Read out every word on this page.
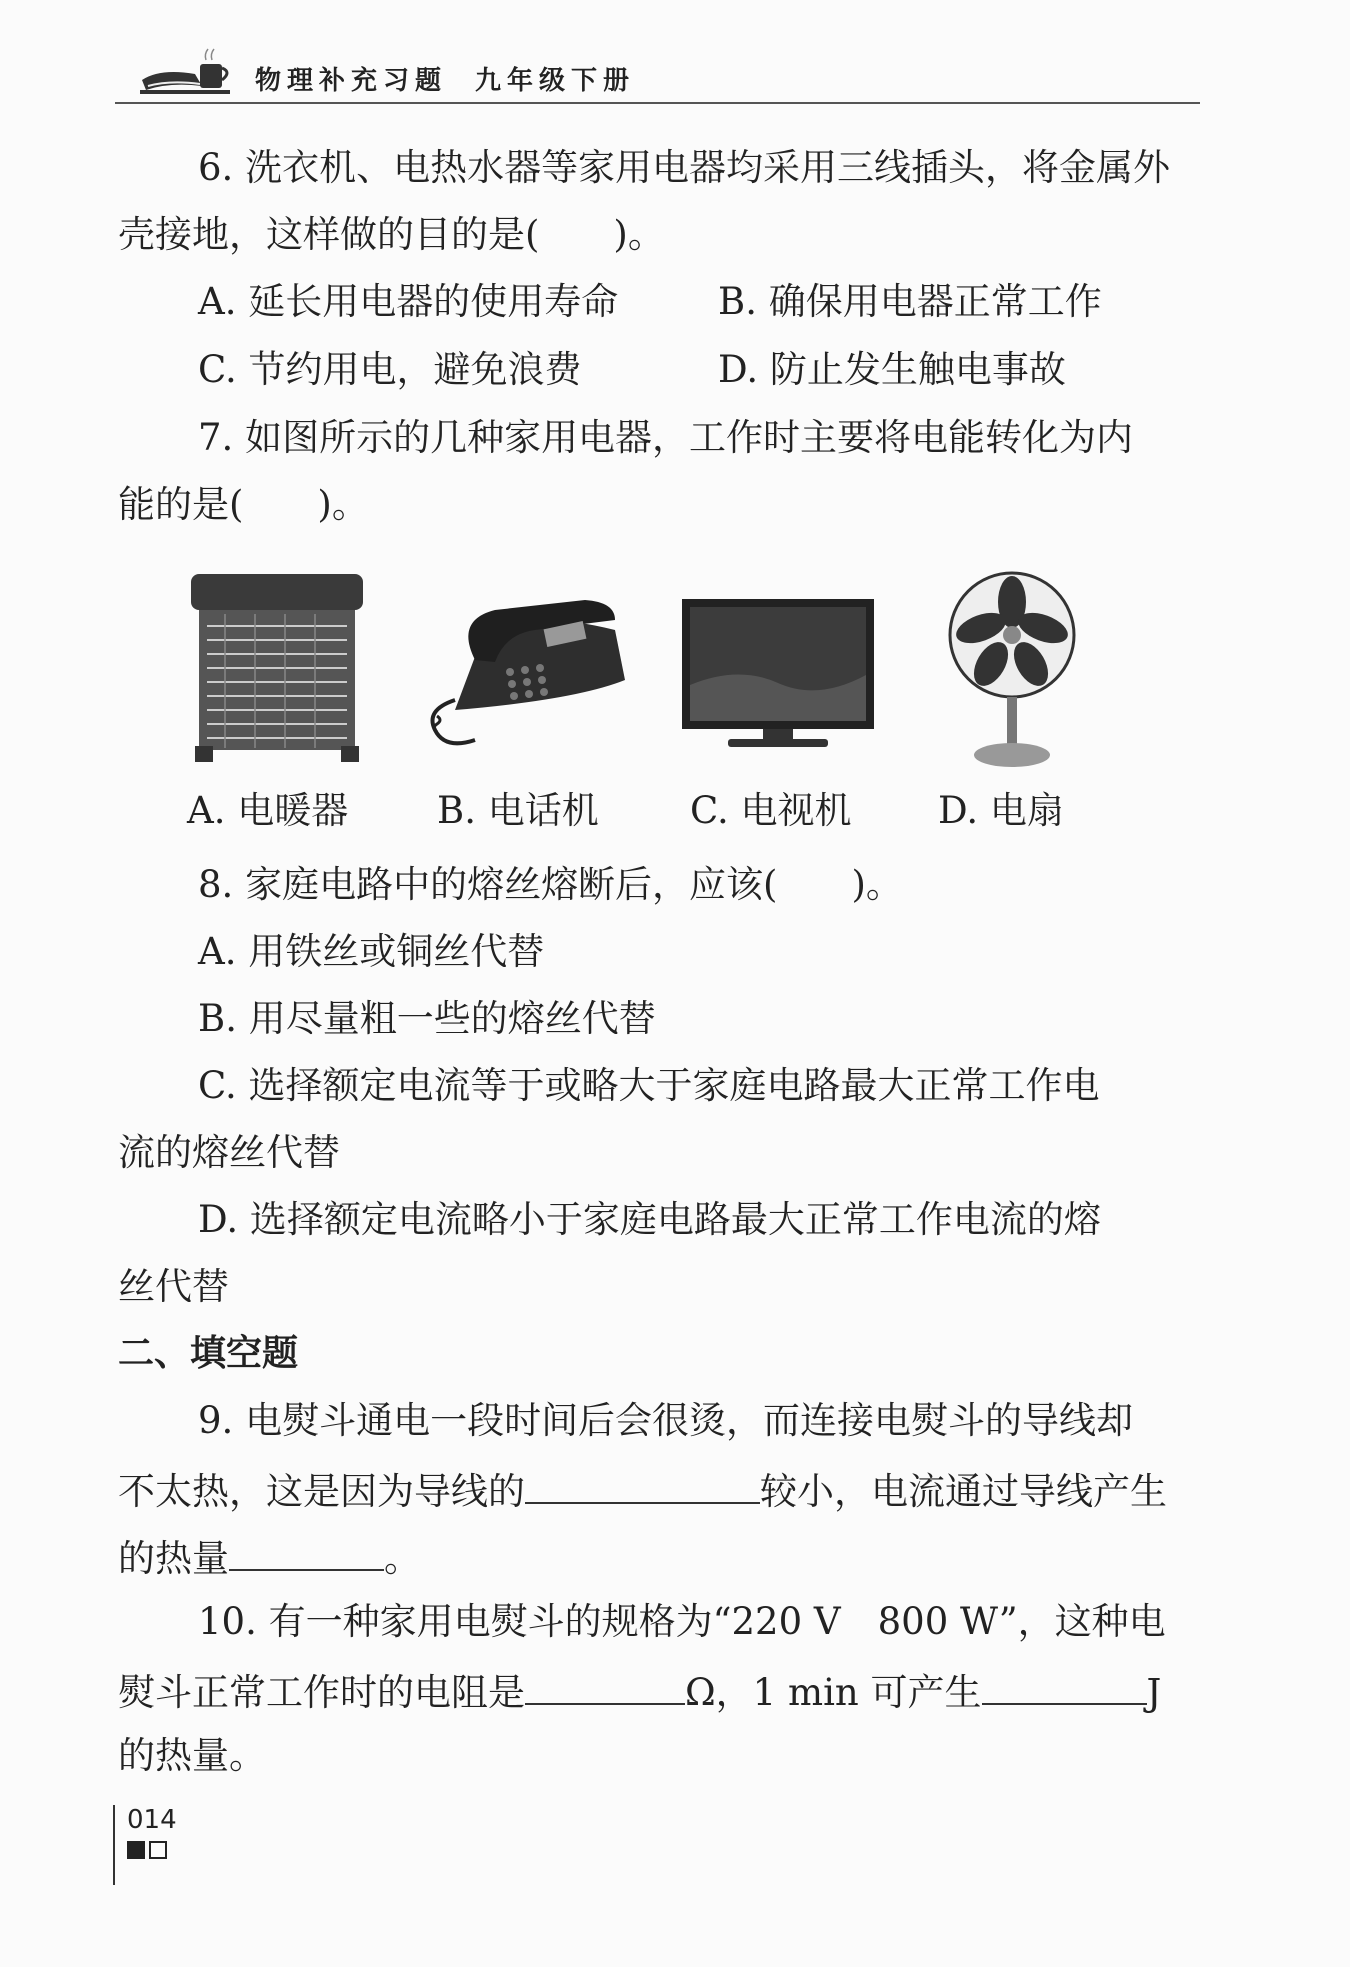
物理补充习题 九年级下册
6. 洗衣机、电热水器等家用电器均采用三线插头，将金属外
壳接地，这样做的目的是(　　)。
A. 延长用电器的使用寿命	B. 确保用电器正常工作
C. 节约用电，避免浪费	D. 防止发生触电事故
7. 如图所示的几种家用电器，工作时主要将电能转化为内
能的是(　　)。
A. 电暖器 B. 电话机 C. 电视机 D. 电扇
8. 家庭电路中的熔丝熔断后，应该(　　)。
A. 用铁丝或铜丝代替
B. 用尽量粗一些的熔丝代替
C. 选择额定电流等于或略大于家庭电路最大正常工作电
流的熔丝代替
D. 选择额定电流略小于家庭电路最大正常工作电流的熔
丝代替
二、填空题
9. 电熨斗通电一段时间后会很烫，而连接电熨斗的导线却
不太热，这是因为导线的	较小，电流通过导线产生
的热量	。
10. 有一种家用电熨斗的规格为“220 V　800 W”，这种电
熨斗正常工作时的电阻是	Ω，1 min 可产生	J
的热量。
014
